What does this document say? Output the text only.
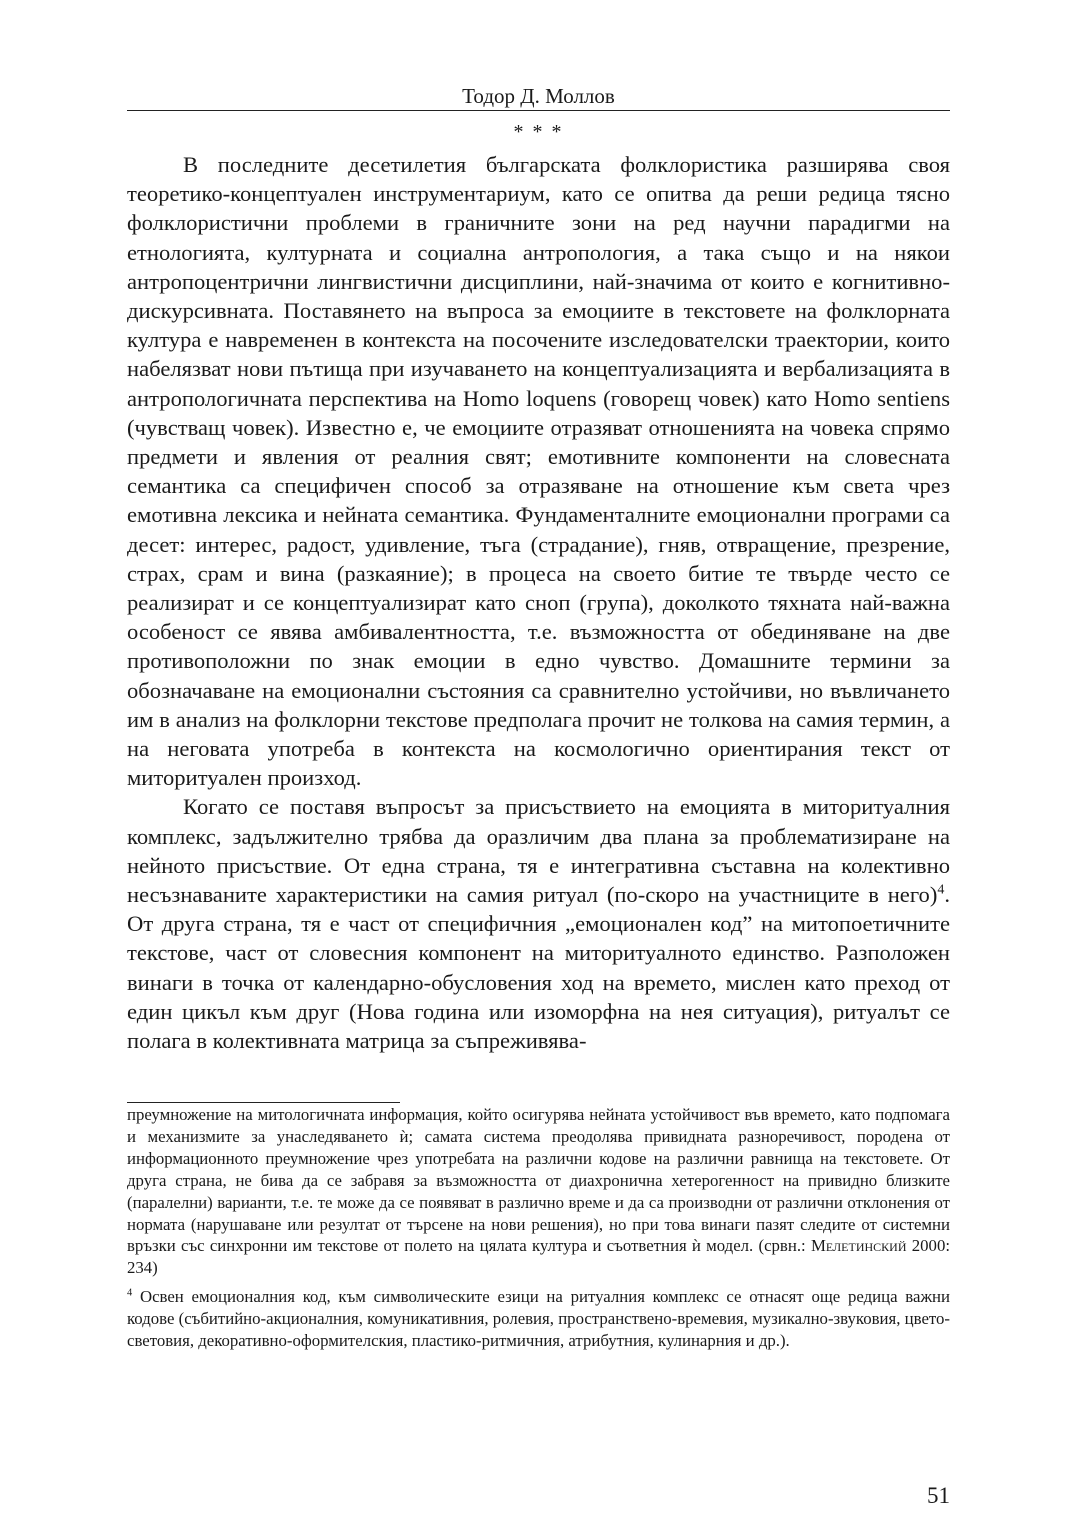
Тодор Д. Моллов
* * *

В последните десетилетия българската фолклористика разширява своя теоретико-концептуален инструментариум, като се опитва да реши редица тясно фолклористични проблеми в граничните зони на ред научни парадигми на етнологията, културната и социална антропология, а така също и на някои антропоцентрични лингвистични дисциплини, най-значима от които е когнитивно-дискурсивната. Поставянето на въпроса за емоциите в текстовете на фолклорната култура е навременен в контекста на посочените изследователски траектории, които набелязват нови пътища при изучаването на концептуализацията и вербализацията в антропологичната перспектива на Homo loquens (говорещ човек) като Homo sentiens (чувстващ човек). Известно е, че емоциите отразяват отношенията на човека спрямо предмети и явления от реалния свят; емотивните компоненти на словесната семантика са специфичен способ за отразяване на отношение към света чрез емотивна лексика и нейната семантика. Фундаменталните емоционални програми са десет: интерес, радост, удивление, тъга (страдание), гняв, отвращение, презрение, страх, срам и вина (разкаяние); в процеса на своето битие те твърде често се реализират и се концептуализират като сноп (група), доколкото тяхната най-важна особеност се явява амбивалентността, т.е. възможността от обединяване на две противоположни по знак емоции в едно чувство. Домашните термини за обозначаване на емоционални състояния са сравнително устойчиви, но въвличането им в анализ на фолклорни текстове предполага прочит не толкова на самия термин, а на неговата употреба в контекста на космологично ориентирания текст от миторитуален произход.

Когато се поставя въпросът за присъствието на емоцията в миторитуалния комплекс, задължително трябва да оразличим два плана за проблематизиране на нейното присъствие. От една страна, тя е интегративна съставна на колективно несъзнаваните характеристики на самия ритуал (по-скоро на участниците в него)$^4$. От друга страна, тя е част от специфичния „емоционален код” на митопоетичните текстове, част от словесния компонент на миторитуалното единство. Разположен винаги в точка от календарно-обусловения ход на времето, мислен като преход от един цикъл към друг (Нова година или изоморфна на нея ситуация), ритуалът се полага в колективната матрица за съпреживява-

преумножение на митологичната информация, който осигурява нейната устойчивост във времето, като подпомага и механизмите за унаследяването ѝ; самата система преодолява привидната разноречивост, породена от информационното преумножение чрез употребата на различни кодове на различни равнища на текстовете. От друга страна, не бива да се забравя за възможността от диахронична хетерогенност на привидно близките (паралелни) варианти, т.е. те може да се появяват в различно време и да са производни от различни отклонения от нормата (нарушаване или резултат от търсене на нови решения), но при това винаги пазят следите от системни връзки със синхронни им текстове от полето на цялата култура и съответния ѝ модел. (срвн.: Мелетинский 2000: 234)

$^4$ Освен емоционалния код, към символическите езици на ритуалния комплекс се отнасят още редица важни кодове (събитийно-акционалния, комуникативния, ролевия, пространствено-времевия, музикално-звуковия, цвето-световия, декоративно-оформителския, пластико-ритмичния, атрибутния, кулинарния и др.).

51
